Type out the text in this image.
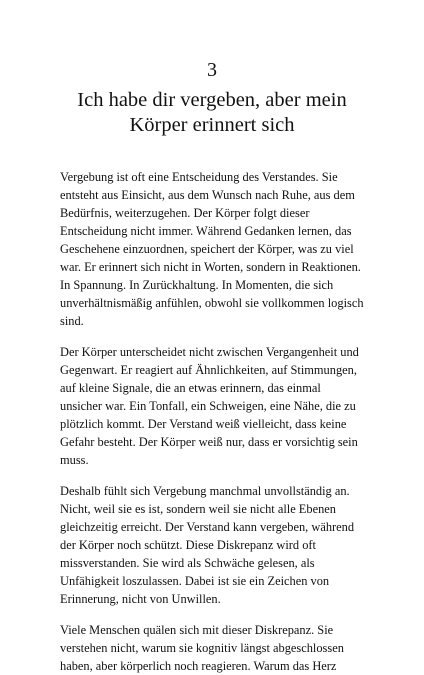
3
Ich habe dir vergeben, aber mein
Körper erinnert sich

Vergebung ist oft eine Entscheidung des Verstandes. Sie entsteht aus Einsicht, aus dem Wunsch nach Ruhe, aus dem Bedürfnis, weiterzugehen. Der Körper folgt dieser Entscheidung nicht immer. Während Gedanken lernen, das Geschehene einzuordnen, speichert der Körper, was zu viel war. Er erinnert sich nicht in Worten, sondern in Reaktionen. In Spannung. In Zurückhaltung. In Momenten, die sich unverhältnismäßig anfühlen, obwohl sie vollkommen logisch sind.

Der Körper unterscheidet nicht zwischen Vergangenheit und Gegenwart. Er reagiert auf Ähnlichkeiten, auf Stimmungen, auf kleine Signale, die an etwas erinnern, das einmal unsicher war. Ein Tonfall, ein Schweigen, eine Nähe, die zu plötzlich kommt. Der Verstand weiß vielleicht, dass keine Gefahr besteht. Der Körper weiß nur, dass er vorsichtig sein muss.

Deshalb fühlt sich Vergebung manchmal unvollständig an. Nicht, weil sie es ist, sondern weil sie nicht alle Ebenen gleichzeitig erreicht. Der Verstand kann vergeben, während der Körper noch schützt. Diese Diskrepanz wird oft missverstanden. Sie wird als Schwäche gelesen, als Unfähigkeit loszulassen. Dabei ist sie ein Zeichen von Erinnerung, nicht von Unwillen.

Viele Menschen quälen sich mit dieser Diskrepanz. Sie verstehen nicht, warum sie kognitiv längst abgeschlossen haben, aber körperlich noch reagieren. Warum das Herz
